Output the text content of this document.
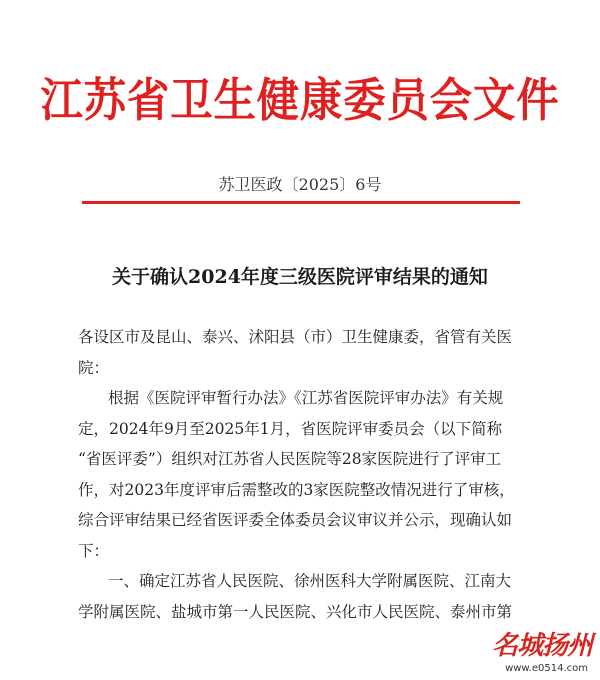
江苏省卫生健康委员会文件
苏卫医政〔2025〕6号
关于确认2024年度三级医院评审结果的通知
各设区市及昆山、泰兴、沭阳县（市）卫生健康委，省管有关医
院：
根据《医院评审暂行办法》《江苏省医院评审办法》有关规
定，2024年9月至2025年1月，省医院评审委员会（以下简称
“省医评委”）组织对江苏省人民医院等28家医院进行了评审工
作，对2023年度评审后需整改的3家医院整改情况进行了审核，
综合评审结果已经省医评委全体委员会议审议并公示，现确认如
下：
一、确定江苏省人民医院、徐州医科大学附属医院、江南大
学附属医院、盐城市第一人民医院、兴化市人民医院、泰州市第
名城扬州
www.e0514.com
